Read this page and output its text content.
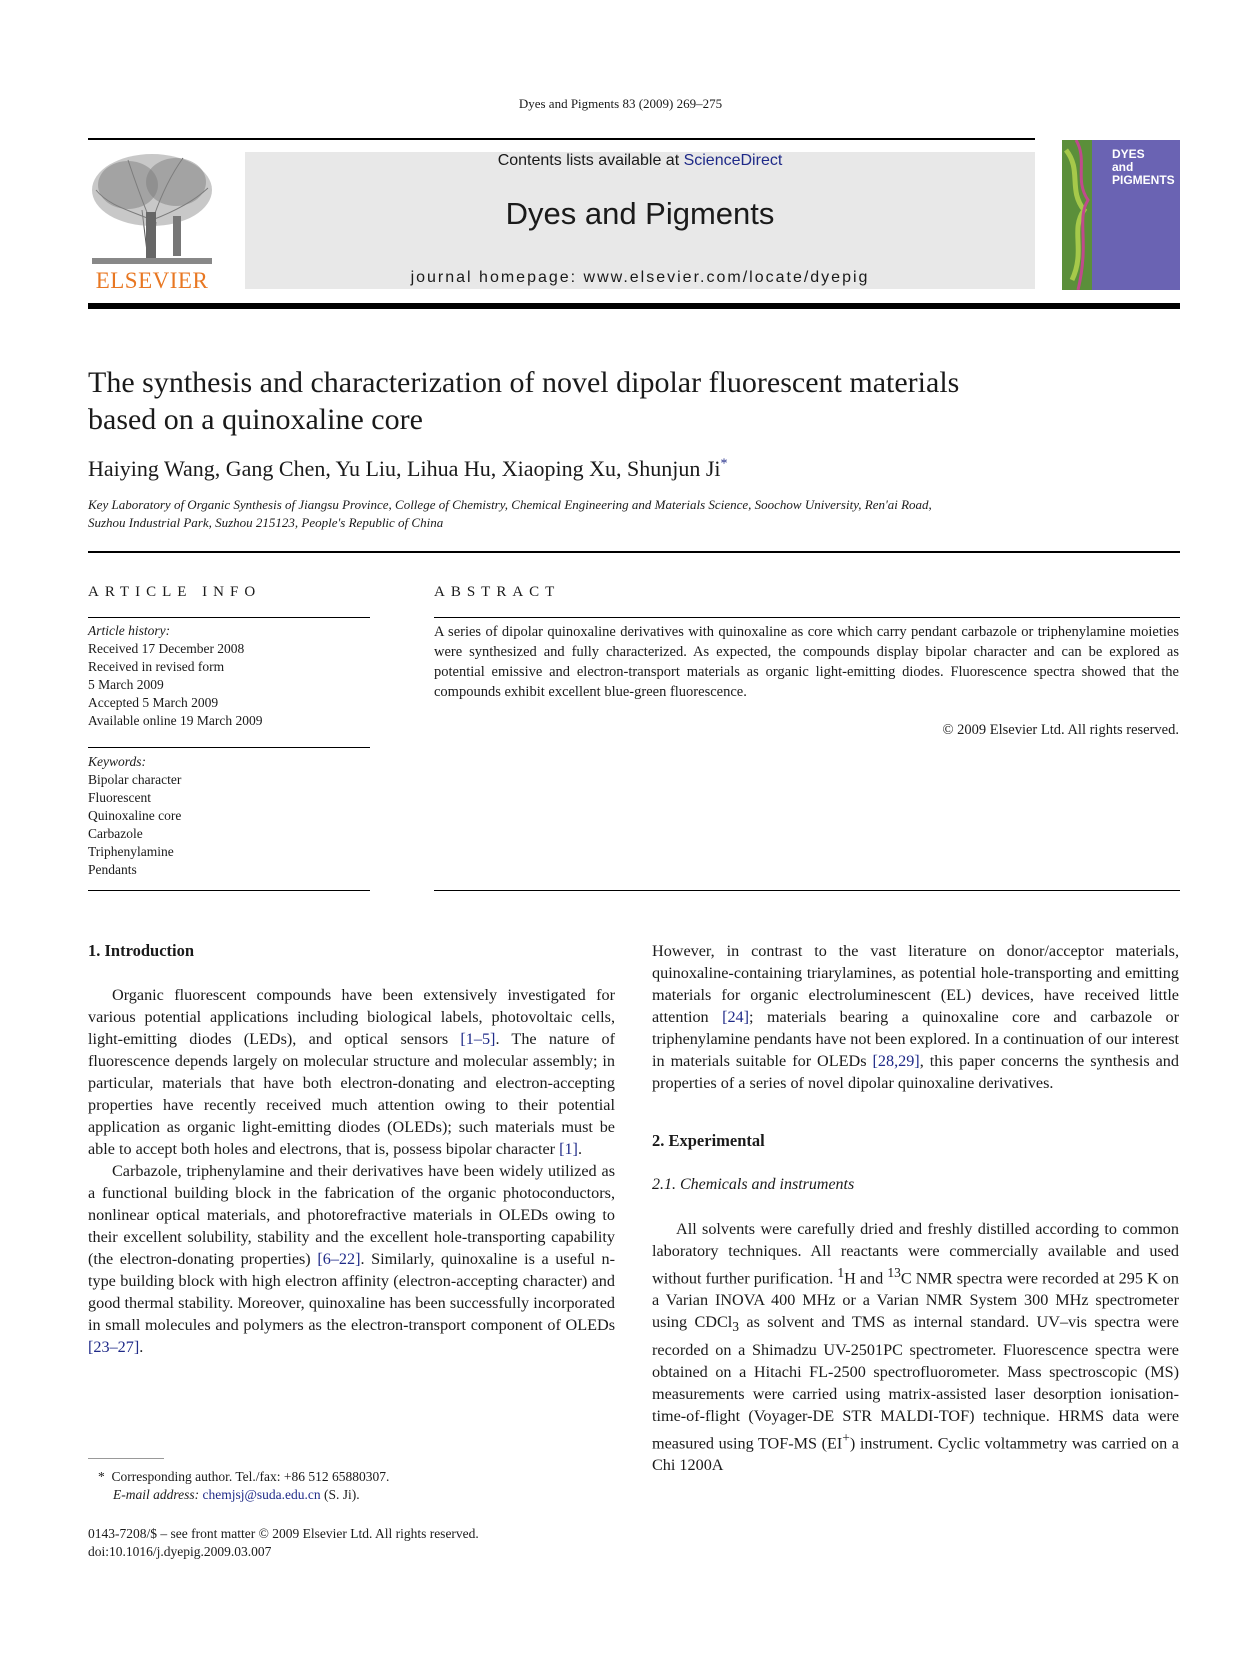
Dyes and Pigments 83 (2009) 269–275
ELSEVIER
Contents lists available at ScienceDirect
Dyes and Pigments
journal homepage: www.elsevier.com/locate/dyepig
DYES
and
PIGMENTS
The synthesis and characterization of novel dipolar fluorescent materials
based on a quinoxaline core
Haiying Wang, Gang Chen, Yu Liu, Lihua Hu, Xiaoping Xu, Shunjun Ji*
Key Laboratory of Organic Synthesis of Jiangsu Province, College of Chemistry, Chemical Engineering and Materials Science, Soochow University, Ren'ai Road,
Suzhou Industrial Park, Suzhou 215123, People's Republic of China
ARTICLE INFO	ABSTRACT
Article history:
Received 17 December 2008
Received in revised form
5 March 2009
Accepted 5 March 2009
Available online 19 March 2009
Keywords:
Bipolar character
Fluorescent
Quinoxaline core
Carbazole
Triphenylamine
Pendants
A series of dipolar quinoxaline derivatives with quinoxaline as core which carry pendant carbazole or triphenylamine moieties were synthesized and fully characterized. As expected, the compounds display bipolar character and can be explored as potential emissive and electron-transport materials as organic light-emitting diodes. Fluorescence spectra showed that the compounds exhibit excellent blue-green fluorescence.
© 2009 Elsevier Ltd. All rights reserved.
1. Introduction

Organic fluorescent compounds have been extensively investigated for various potential applications including biological labels, photovoltaic cells, light-emitting diodes (LEDs), and optical sensors [1–5]. The nature of fluorescence depends largely on molecular structure and molecular assembly; in particular, materials that have both electron-donating and electron-accepting properties have recently received much attention owing to their potential application as organic light-emitting diodes (OLEDs); such materials must be able to accept both holes and electrons, that is, possess bipolar character [1].

Carbazole, triphenylamine and their derivatives have been widely utilized as a functional building block in the fabrication of the organic photoconductors, nonlinear optical materials, and photorefractive materials in OLEDs owing to their excellent solubility, stability and the excellent hole-transporting capability (the electron-donating properties) [6–22]. Similarly, quinoxaline is a useful n-type building block with high electron affinity (electron-accepting character) and good thermal stability. Moreover, quinoxaline has been successfully incorporated in small molecules and polymers as the electron-transport component of OLEDs [23–27].

However, in contrast to the vast literature on donor/acceptor materials, quinoxaline-containing triarylamines, as potential hole-transporting and emitting materials for organic electroluminescent (EL) devices, have received little attention [24]; materials bearing a quinoxaline core and carbazole or triphenylamine pendants have not been explored. In a continuation of our interest in materials suitable for OLEDs [28,29], this paper concerns the synthesis and properties of a series of novel dipolar quinoxaline derivatives.

2. Experimental
2.1. Chemicals and instruments

All solvents were carefully dried and freshly distilled according to common laboratory techniques. All reactants were commercially available and used without further purification. $^1$H and $^{13}$C NMR spectra were recorded at 295 K on a Varian INOVA 400 MHz or a Varian NMR System 300 MHz spectrometer using CDCl$_3$ as solvent and TMS as internal standard. UV–vis spectra were recorded on a Shimadzu UV-2501PC spectrometer. Fluorescence spectra were obtained on a Hitachi FL-2500 spectrofluorometer. Mass spectroscopic (MS) measurements were carried using matrix-assisted laser desorption ionisation-time-of-flight (Voyager-DE STR MALDI-TOF) technique. HRMS data were measured using TOF-MS (EI+) instrument. Cyclic voltammetry was carried on a Chi 1200A

* Corresponding author. Tel./fax: +86 512 65880307.
E-mail address: chemjsj@suda.edu.cn (S. Ji).
0143-7208/$ – see front matter © 2009 Elsevier Ltd. All rights reserved.
doi:10.1016/j.dyepig.2009.03.007
